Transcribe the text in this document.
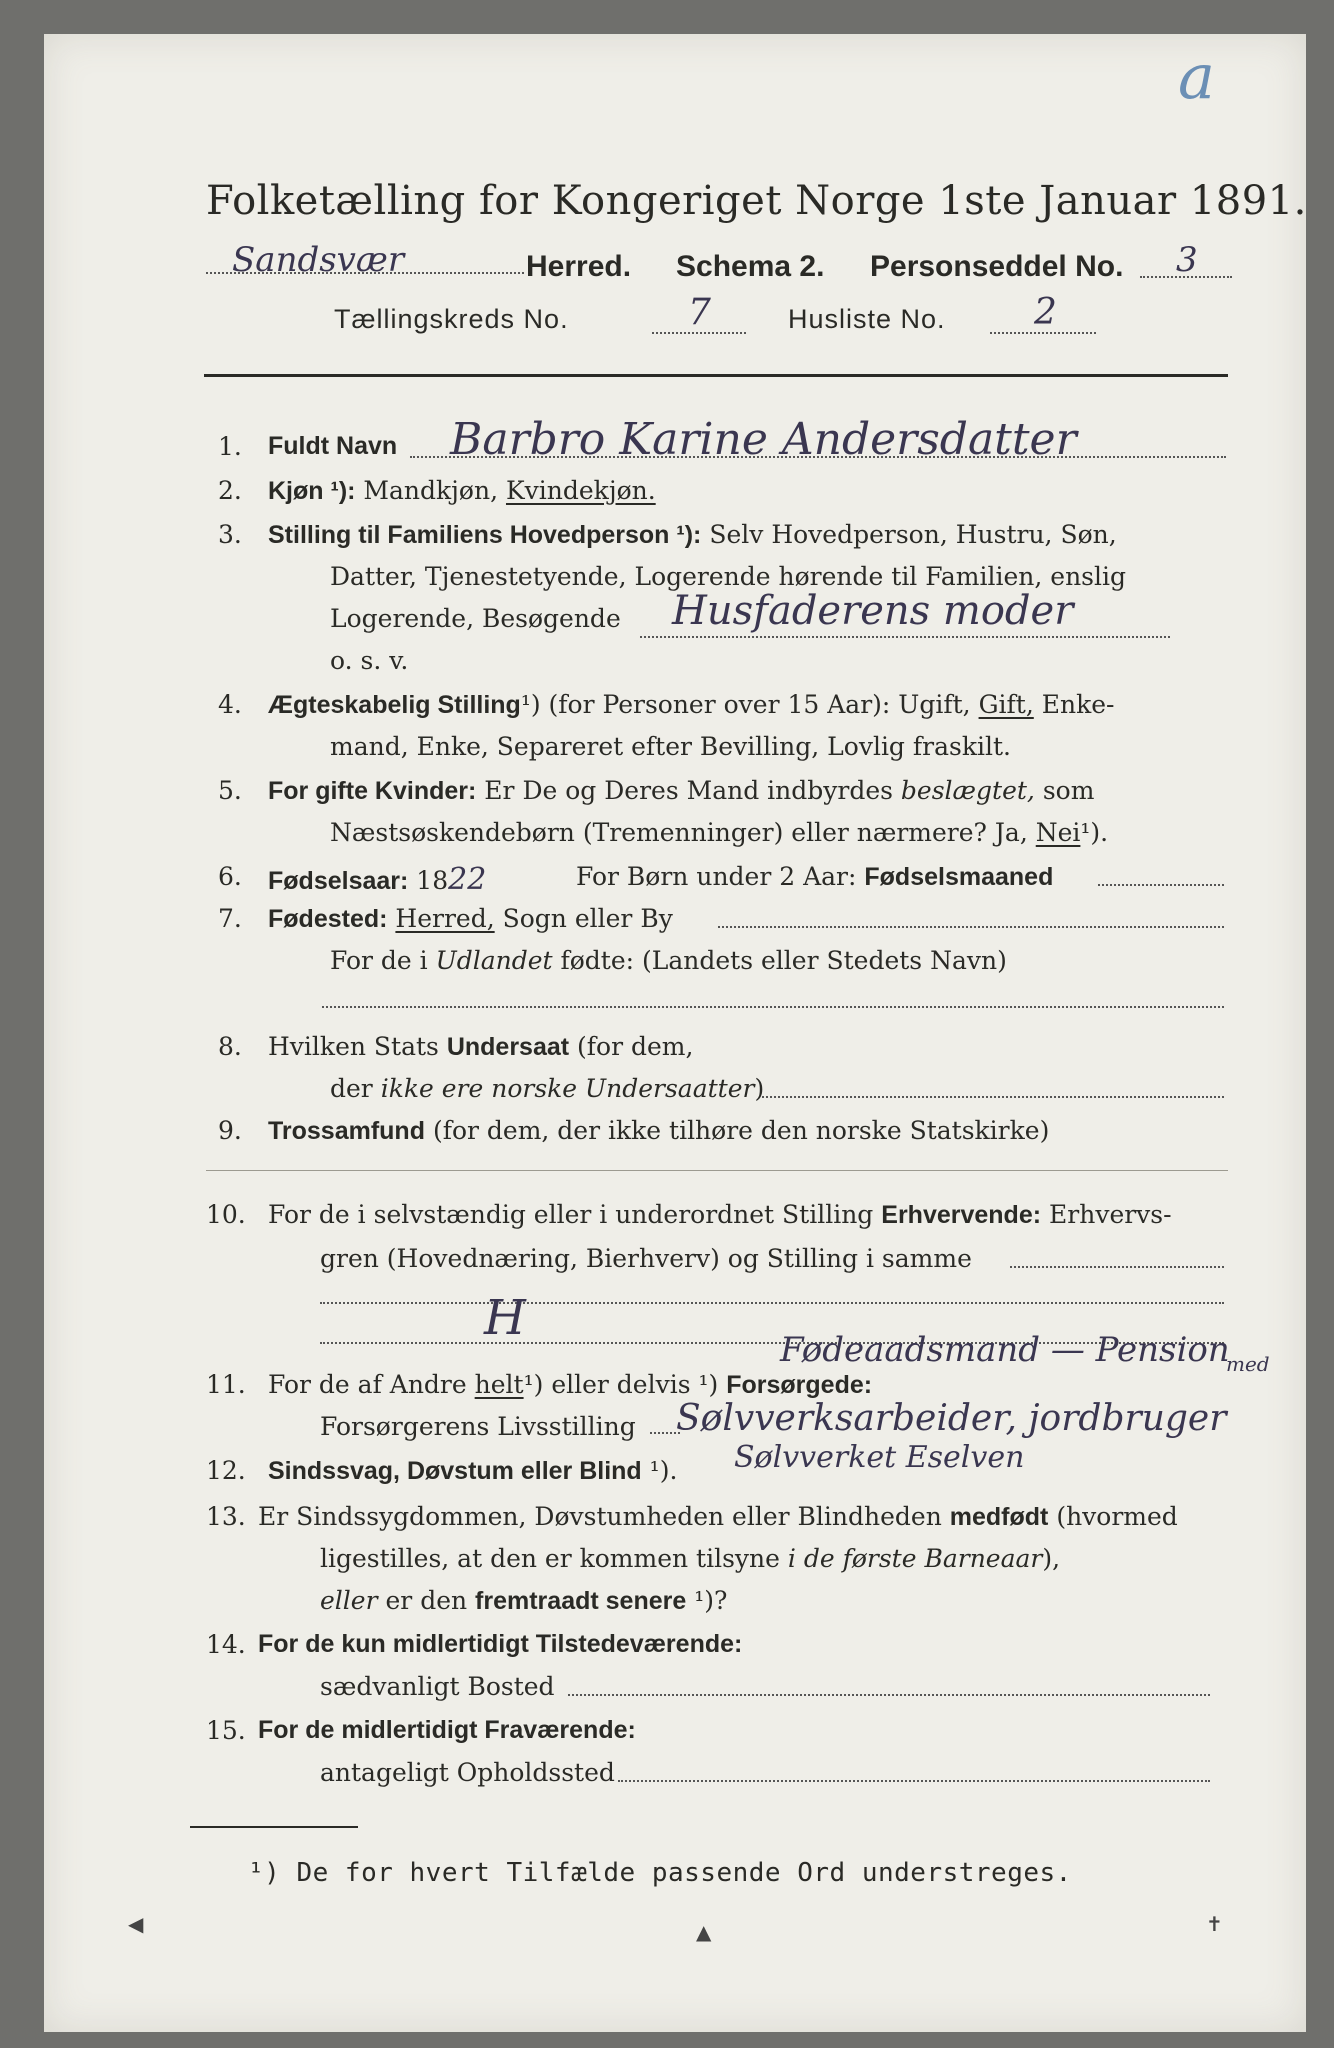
a
Folketælling for Kongeriget Norge 1ste Januar 1891.
Sandsvær	Herred. Schema 2. Personseddel No. 3
Tællingskreds No.	7	Husliste No. 2
1. Fuldt Navn Barbro Karine Andersdatter
2. Kjøn ¹): Mandkjøn, Kvindekjøn.
3. Stilling til Familiens Hovedperson ¹): Selv Hovedperson, Hustru, Søn,
Datter, Tjenestetyende, Logerende hørende til Familien, enslig
Logerende, Besøgende Husfaderens moder
o. s. v.
4. Ægteskabelig Stilling¹) (for Personer over 15 Aar): Ugift, Gift, Enke-
mand, Enke, Separeret efter Bevilling, Lovlig fraskilt.
5. For gifte Kvinder: Er De og Deres Mand indbyrdes beslægtet, som
Næstsøskendebørn (Tremenninger) eller nærmere? Ja, Nei¹).
6. Fødselsaar: 1822	For Børn under 2 Aar: Fødselsmaaned
7. Fødested: Herred, Sogn eller By
For de i Udlandet fødte: (Landets eller Stedets Navn)
8. Hvilken Stats Undersaat (for dem,
der ikke ere norske Undersaatter)
9. Trossamfund (for dem, der ikke tilhøre den norske Statskirke)
10. For de i selvstændig eller i underordnet Stilling Erhvervende: Erhvervs-
gren (Hovednæring, Bierhverv) og Stilling i samme
H
Fødeaadsmand — Pension
11. For de af Andre helt¹) eller delvis ¹) Forsørgede:
med
Forsørgerens Livsstilling Sølvverksarbeider, jordbruger
Sølvverket Eselven
12. Sindssvag, Døvstum eller Blind ¹).
13. Er Sindssygdommen, Døvstumheden eller Blindheden medfødt (hvormed
ligestilles, at den er kommen tilsyne i de første Barneaar),
eller er den fremtraadt senere ¹)?
14. For de kun midlertidigt Tilstedeværende:
sædvanligt Bosted
15. For de midlertidigt Fraværende:
antageligt Opholdssted
¹) De for hvert Tilfælde passende Ord understreges.
◀	▲	✝
